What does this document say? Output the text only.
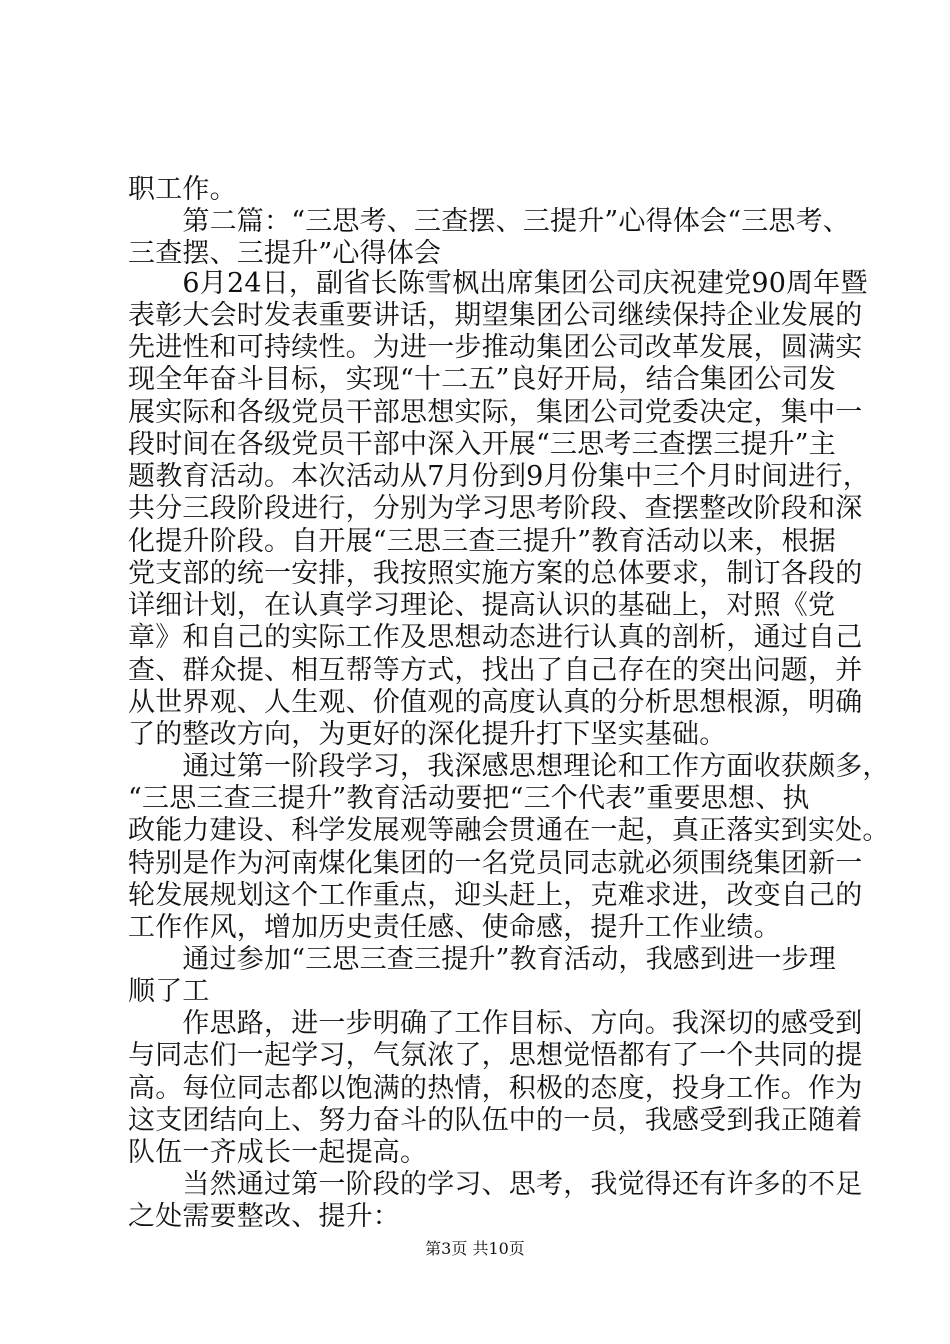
职工作。
　　第二篇：“三思考、三查摆、三提升”心得体会“三思考、
三查摆、三提升”心得体会
　　6月24日，副省长陈雪枫出席集团公司庆祝建党90周年暨
表彰大会时发表重要讲话，期望集团公司继续保持企业发展的
先进性和可持续性。为进一步推动集团公司改革发展，圆满实
现全年奋斗目标，实现“十二五”良好开局，结合集团公司发
展实际和各级党员干部思想实际，集团公司党委决定，集中一
段时间在各级党员干部中深入开展“三思考三查摆三提升”主
题教育活动。本次活动从7月份到9月份集中三个月时间进行，
共分三段阶段进行，分别为学习思考阶段、查摆整改阶段和深
化提升阶段。自开展“三思三查三提升”教育活动以来，根据
党支部的统一安排，我按照实施方案的总体要求，制订各段的
详细计划，在认真学习理论、提高认识的基础上，对照《党
章》和自己的实际工作及思想动态进行认真的剖析，通过自己
查、群众提、相互帮等方式，找出了自己存在的突出问题，并
从世界观、人生观、价值观的高度认真的分析思想根源，明确
了的整改方向，为更好的深化提升打下坚实基础。
　　通过第一阶段学习，我深感思想理论和工作方面收获颇多，
“三思三查三提升”教育活动要把“三个代表”重要思想、执
政能力建设、科学发展观等融会贯通在一起，真正落实到实处。
特别是作为河南煤化集团的一名党员同志就必须围绕集团新一
轮发展规划这个工作重点，迎头赶上，克难求进，改变自己的
工作作风，增加历史责任感、使命感，提升工作业绩。
　　通过参加“三思三查三提升”教育活动，我感到进一步理
顺了工
　　作思路，进一步明确了工作目标、方向。我深切的感受到
与同志们一起学习，气氛浓了，思想觉悟都有了一个共同的提
高。每位同志都以饱满的热情，积极的态度，投身工作。作为
这支团结向上、努力奋斗的队伍中的一员，我感受到我正随着
队伍一齐成长一起提高。
　　当然通过第一阶段的学习、思考，我觉得还有许多的不足
之处需要整改、提升：
第3页 共10页
